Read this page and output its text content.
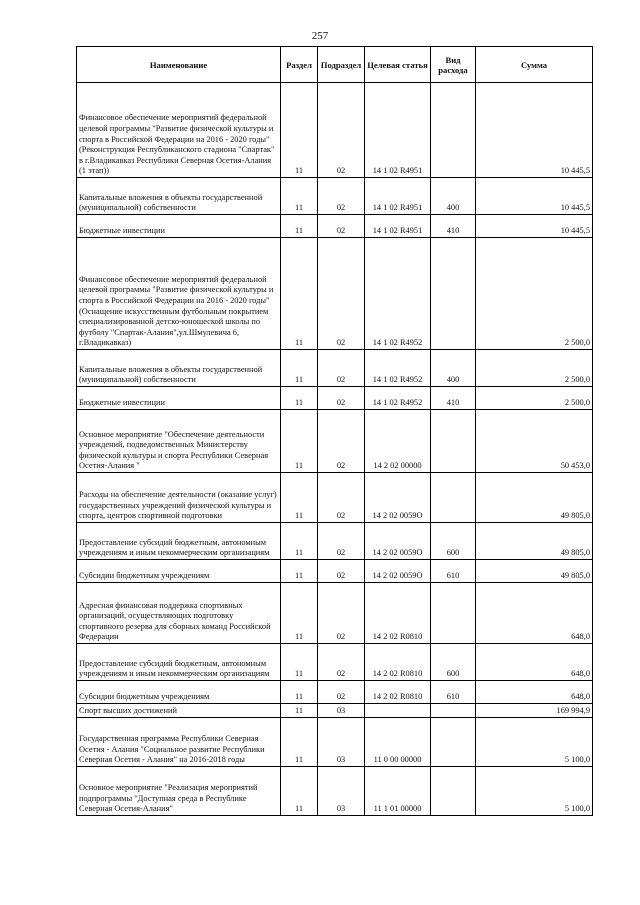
257
Наименование	Раздел	Подраздел	Целевая статья	Вид расхода	Сумма
Финансовое обеспечение мероприятий федеральной целевой программы "Развитие физической культуры и спорта в Российской Федерации на 2016 - 2020 годы" (Реконструкция Республиканского стадиона "Спартак" в г.Владикавказ Республики Северная Осетия-Алания (1 этап))	11	02	14 1 02 R4951		10 445,5
Капитальные вложения в объекты государственной (муниципальной) собственности	11	02	14 1 02 R4951	400	10 445,5
Бюджетные инвестиции	11	02	14 1 02 R4951	410	10 445,5
Финансовое обеспечение мероприятий федеральной целевой программы "Развитие физической культуры и спорта в Российской Федерации на 2016 - 2020 годы" (Оснащение искусственным футбольным покрытием специализированной детско-юношеской школы по футболу "Спартак-Алания",ул.Шмулевича 6, г.Владикавказ)	11	02	14 1 02 R4952		2 500,0
Капитальные вложения в объекты государственной (муниципальной) собственности	11	02	14 1 02 R4952	400	2 500,0
Бюджетные инвестиции	11	02	14 1 02 R4952	410	2 500,0
Основное мероприятие "Обеспечение деятельности учреждений, подведомственных Министерству физической культуры и спорта Республики Северная Осетия-Алания "	11	02	14 2 02 00000		50 453,0
Расходы на обеспечение деятельности (оказание услуг) государственных учреждений физической культуры и спорта, центров спортивной подготовки	11	02	14 2 02 0059О		49 805,0
Предоставление субсидий бюджетным, автономным учреждениям и иным некоммерческим организациям	11	02	14 2 02 0059О	600	49 805,0
Субсидии бюджетным учреждениям	11	02	14 2 02 0059О	610	49 805,0
Адресная финансовая поддержка спортивных организаций, осуществляющих подготовку спортивного резерва для сборных команд Российской Федерации	11	02	14 2 02 R0810		648,0
Предоставление субсидий бюджетным, автономным учреждениям и иным некоммерческим организациям	11	02	14 2 02 R0810	600	648,0
Субсидии бюджетным учреждениям	11	02	14 2 02 R0810	610	648,0
Спорт высших достижений	11	03			169 994,9
Государственная программа Республики Северная Осетия - Алания "Социальное развитие Республики Северная Осетия - Алания" на 2016-2018 годы	11	03	11 0 00 00000		5 100,0
Основное мероприятие "Реализация мероприятий подпрограммы "Доступная среда в Республике Северная Осетия-Алания"	11	03	11 1 01 00000		5 100,0
